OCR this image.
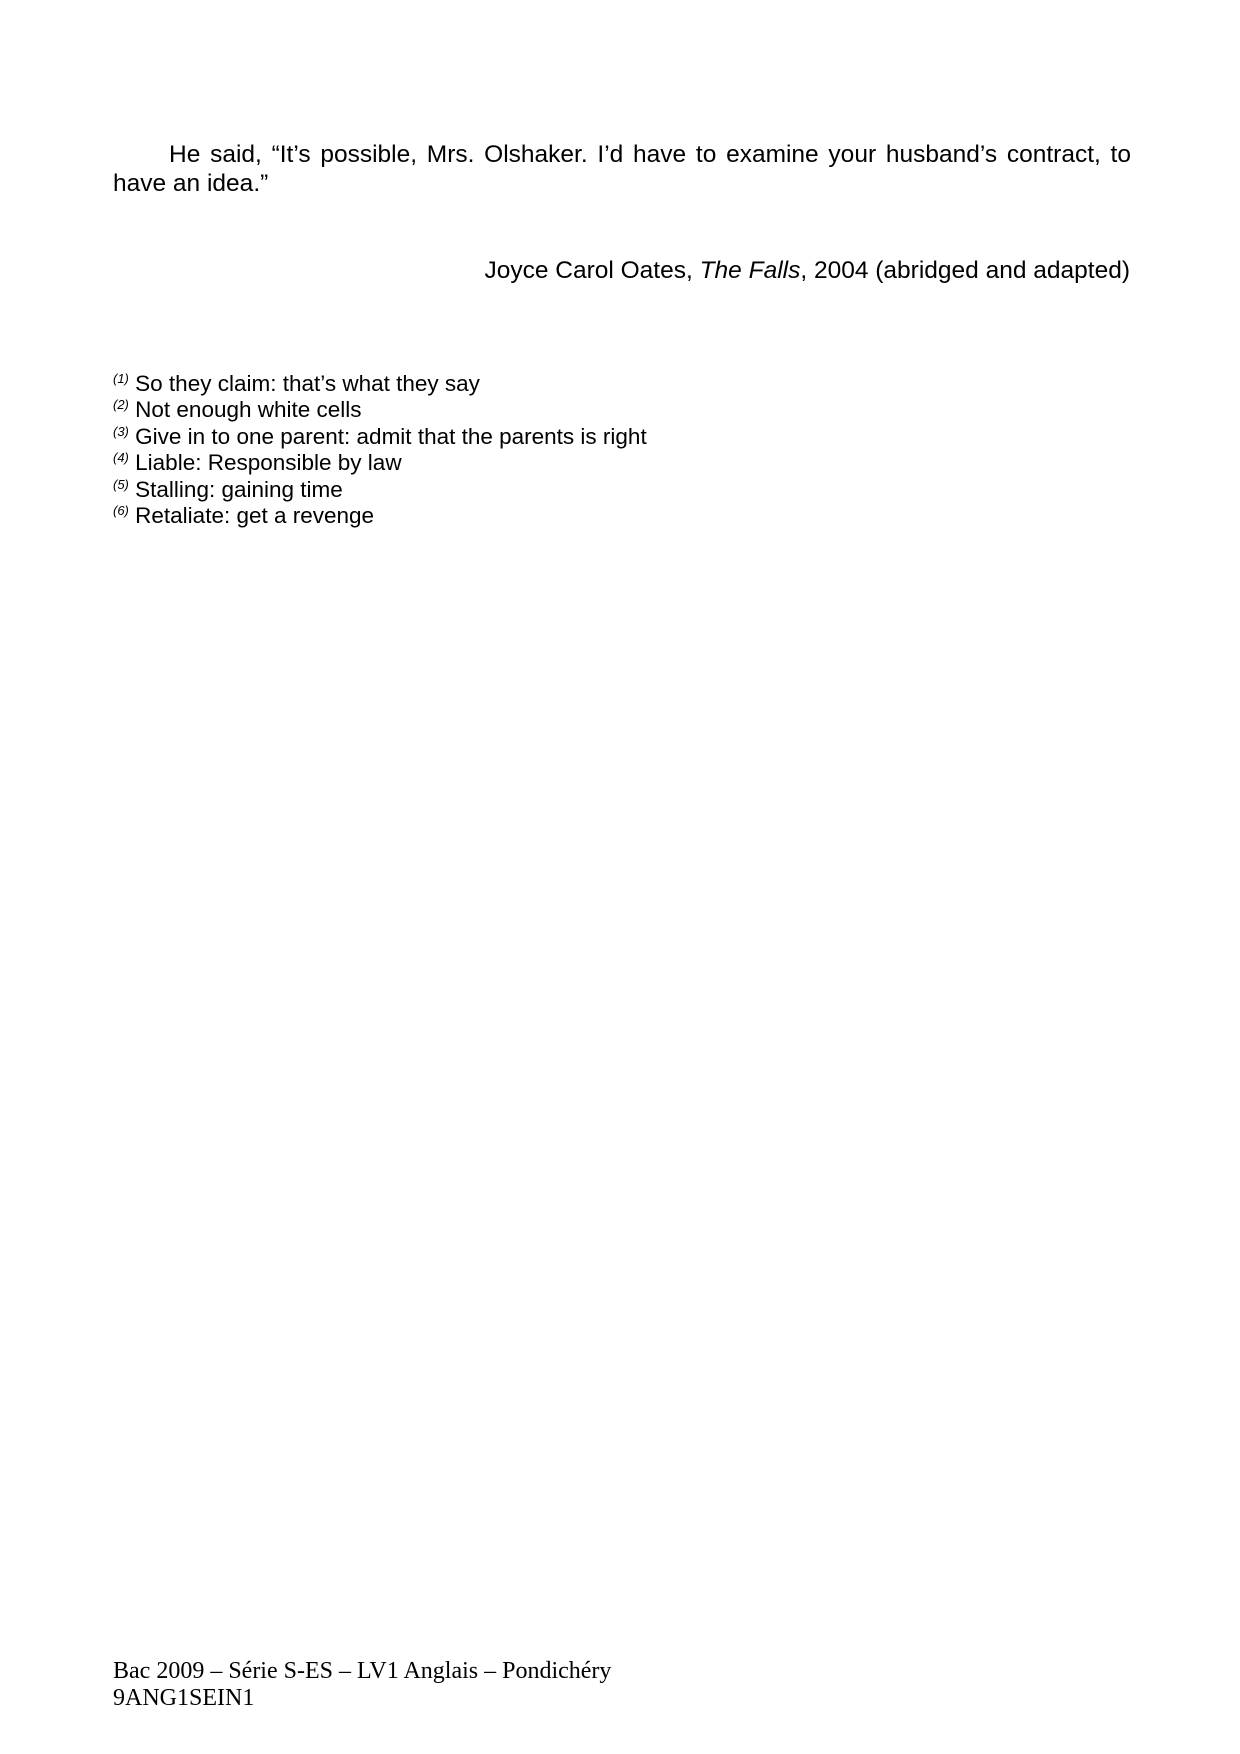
He said, “It’s possible, Mrs. Olshaker. I’d have to examine your husband’s contract, to have an idea.”

Joyce Carol Oates, The Falls, 2004 (abridged and adapted)

$^{(1)}$ So they claim: that’s what they say
$^{(2)}$ Not enough white cells
$^{(3)}$ Give in to one parent: admit that the parents is right
$^{(4)}$ Liable: Responsible by law
$^{(5)}$ Stalling: gaining time
$^{(6)}$ Retaliate: get a revenge
Bac 2009 – Série S-ES – LV1 Anglais – Pondichéry
9ANG1SEIN1
